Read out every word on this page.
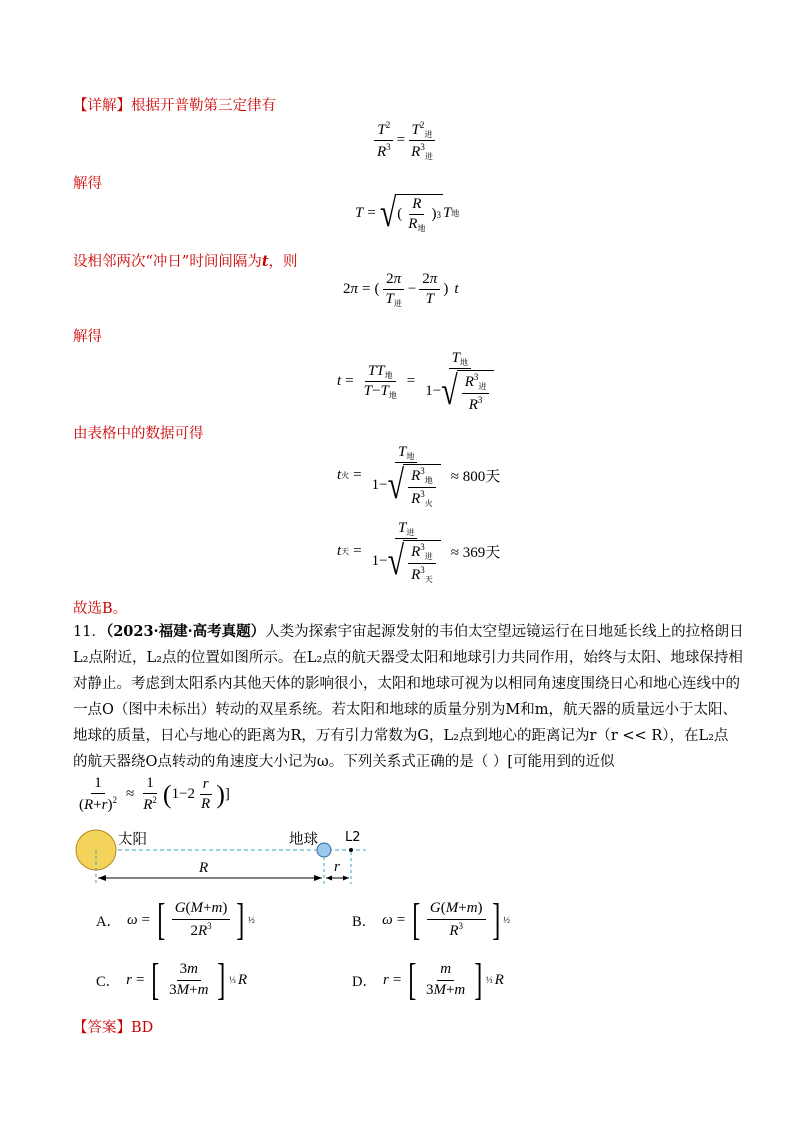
【详解】根据开普勒第三定律有
$\frac{T^2}{R^3} = \frac{T^2_进}{R^3_进}$
解得
T = √ ( $\frac{R}{R_地}$ ) 3 T 地
设相邻两次“冲日”时间间隔为t，则
2π = ( $\frac{2\pi}{T_进} - \frac{2\pi}{T}$ ) t
解得
$t = \frac{TT_地}{T-T_地} = \frac{T_地}{1- √ \frac{R^3_进}{R^3}}$
由表格中的数据可得
t 火 = $\frac{T_地}{1- √ \frac{R^3_地}{R^3_火}} \approx 800$天
t 天 = $\frac{T_进}{1- √ \frac{R^3_进}{R^3_天}} \approx 369$天
故选B。
11．（2023·福建·高考真题）人类为探索宇宙起源发射的韦伯太空望远镜运行在日地延长线上的拉格朗日
L₂点附近，L₂点的位置如图所示。在L₂点的航天器受太阳和地球引力共同作用，始终与太阳、地球保持相
对静止。考虑到太阳系内其他天体的影响很小，太阳和地球可视为以相同角速度围绕日心和地心连线中的
一点O（图中未标出）转动的双星系统。若太阳和地球的质量分别为M和m，航天器的质量远小于太阳、
地球的质量，日心与地心的距离为R，万有引力常数为G，L₂点到地心的距离记为r（r << R），在L₂点
的航天器绕O点转动的角速度大小记为ω。下列关系式正确的是（ ）[可能用到的近似
$\frac{1}{(R+r)^2} \approx \frac{1}{R^2}$ ( $1-2 \frac{r}{R}$ ) ]
太阳	地球 L2
R	r
A． ω = [ $\frac{G(M+m)}{2R^3}$ ] ½	B． ω = [ $\frac{G(M+m)}{R^3}$ ] ½
C． r = [ $\frac{3m}{3M+m}$ ] ⅓ R	D． r = [ $\frac{m}{3M+m}$ ] ⅓ R
【答案】BD
